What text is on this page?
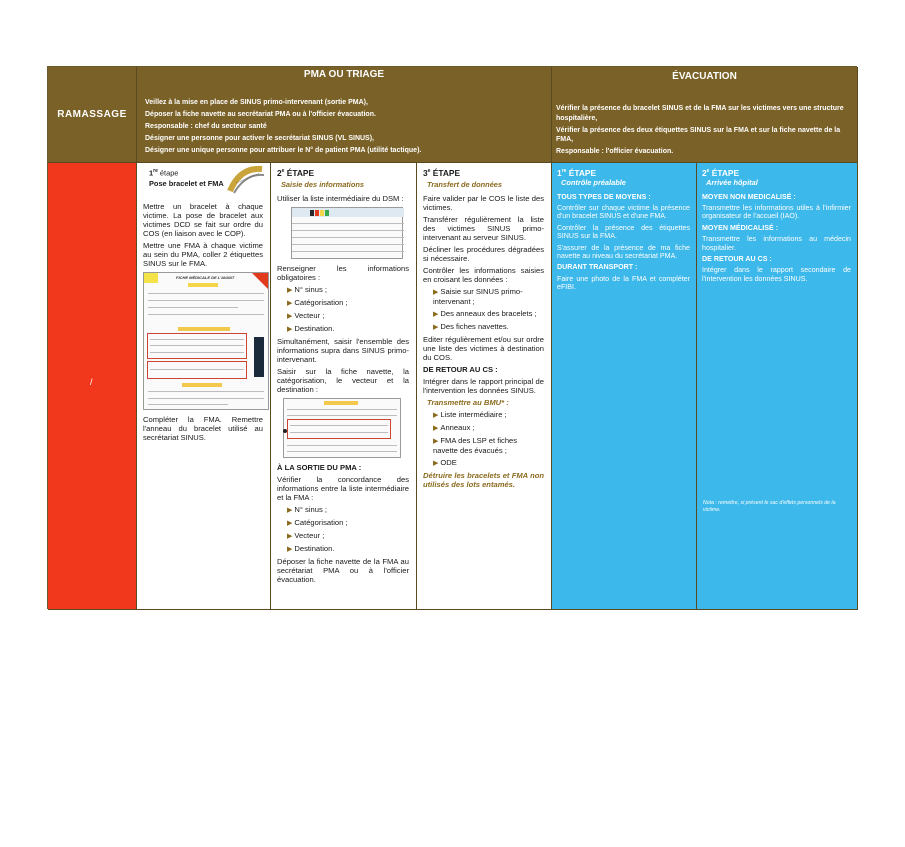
RAMASSAGE
PMA OU TRIAGE

Veillez à la mise en place de SINUS primo-intervenant (sortie PMA),

Déposer la fiche navette au secrétariat PMA ou à l'officier évacuation.

Responsable : chef du secteur santé

Désigner une personne pour activer le secrétariat SINUS (VL SINUS),

Désigner une unique personne pour attribuer le N° de patient PMA (utilité tactique).

ÉVACUATION

Vérifier la présence du bracelet SINUS et de la FMA sur les victimes vers une structure hospitalière,

Vérifier la présence des deux étiquettes SINUS sur la FMA et sur la fiche navette de la FMA,

Responsable : l'officier évacuation.

/
1re étape
Pose bracelet et FMA

Mettre un bracelet à chaque victime. La pose de bracelet aux victimes DCD se fait sur ordre du COS (en liaison avec le COP).

Mettre une FMA à chaque victime au sein du PMA, coller 2 étiquettes SINUS sur le FMA.

FICHE MÉDICALE DE L'AVANT

Compléter la FMA. Remettre l'anneau du bracelet utilisé au secrétariat SINUS.

2e ÉTAPE
Saisie des informations

Utiliser la liste intermédiaire du DSM :

Renseigner les informations obligatoires :

▶ N° sinus ;
▶ Catégorisation ;
▶ Vecteur ;
▶ Destination.

Simultanément, saisir l'ensemble des informations supra dans SINUS primo-intervenant.

Saisir sur la fiche navette, la catégorisation, le vecteur et la destination :

À LA SORTIE DU PMA :

Vérifier la concordance des informations entre la liste intermédiaire et la FMA :

▶ N° sinus ;
▶ Catégorisation ;
▶ Vecteur ;
▶ Destination.

Déposer la fiche navette de la FMA au secrétariat PMA ou à l'officier évacuation.

3e ÉTAPE
Transfert de données

Faire valider par le COS le liste des victimes.

Transférer régulièrement la liste des victimes SINUS primo-intervenant au serveur SINUS.

Décliner les procédures dégradées si nécessaire.

Contrôler les informations saisies en croisant les données :

▶ Saisie sur SINUS primo-intervenant ;
▶ Des anneaux des bracelets ;
▶ Des fiches navettes.

Editer régulièrement et/ou sur ordre une liste des victimes à destination du COS.

DE RETOUR AU CS :

Intégrer dans le rapport principal de l'intervention les données SINUS.

Transmettre au BMU* :

▶ Liste intermédiaire ;
▶ Anneaux ;
▶ FMA des LSP et fiches navette des évacués ;
▶ ODE

Détruire les bracelets et FMA non utilisés des lots entamés.

1re ÉTAPE
Contrôle préalable

TOUS TYPES DE MOYENS :

Contrôler sur chaque victime la présence d'un bracelet SINUS et d'une FMA.

Contrôler la présence des étiquettes SINUS sur la FMA.

S'assurer de la présence de ma fiche navette au niveau du secrétariat PMA.

DURANT TRANSPORT :

Faire une photo de la FMA et compléter eFIBI.

2e ÉTAPE
Arrivée hôpital

MOYEN NON MEDICALISÉ :

Transmettre les informations utiles à l'infirmier organisateur de l'accueil (IAO).

MOYEN MÉDICALISÉ :

Transmettre les informations au médecin hospitalier.

DE RETOUR AU CS :

Intégrer dans le rapport secondaire de l'intervention les données SINUS.

Nota : remettre, si présent le sac d'effets personnels de la victime.
